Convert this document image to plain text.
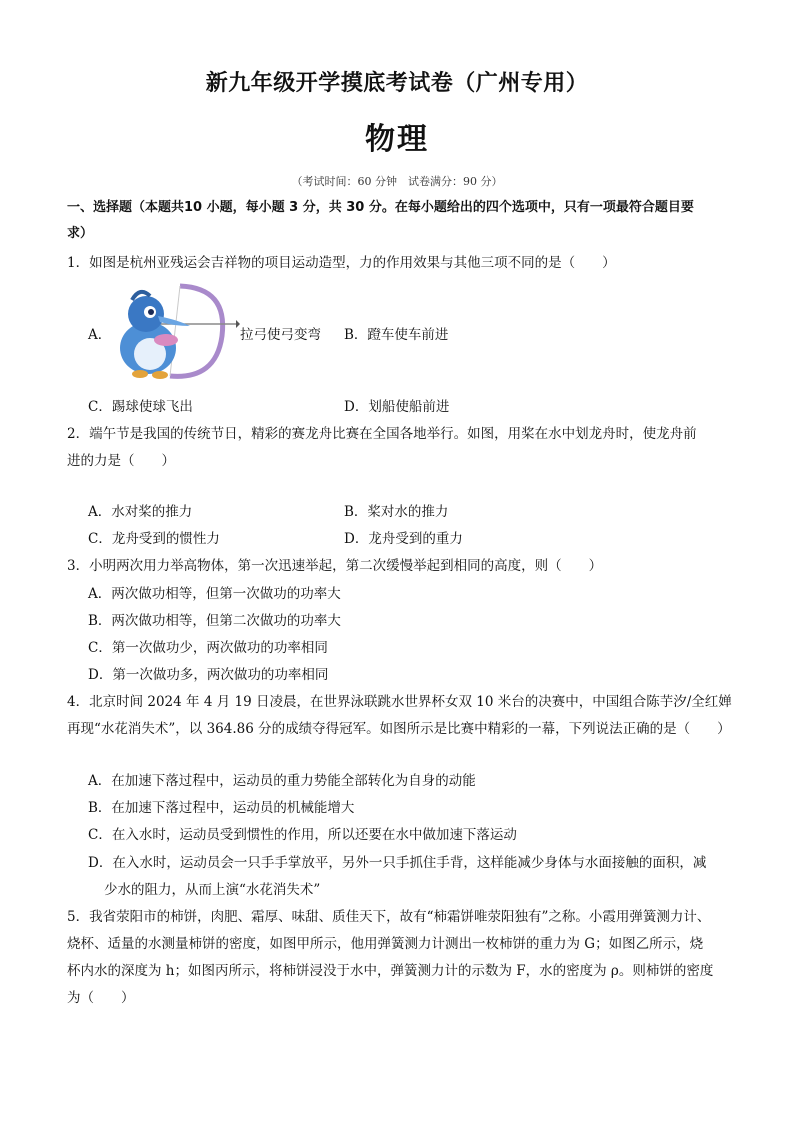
新九年级开学摸底考试卷（广州专用）
物理
（考试时间：60 分钟　试卷满分：90 分）
一、选择题（本题共10 小题，每小题 3 分，共 30 分。在每小题给出的四个选项中，只有一项最符合题目要
求）
1．如图是杭州亚残运会吉祥物的项目运动造型，力的作用效果与其他三项不同的是（　　）
A．	拉弓使弓变弯 B．蹬车使车前进
C．踢球使球飞出	D．划船使船前进
2．端午节是我国的传统节日，精彩的赛龙舟比赛在全国各地举行。如图，用桨在水中划龙舟时，使龙舟前
进的力是（　　）
A．水对桨的推力	B．桨对水的推力
C．龙舟受到的惯性力	D．龙舟受到的重力
3．小明两次用力举高物体，第一次迅速举起，第二次缓慢举起到相同的高度，则（　　）
A．两次做功相等，但第一次做功的功率大
B．两次做功相等，但第二次做功的功率大
C．第一次做功少，两次做功的功率相同
D．第一次做功多，两次做功的功率相同
4．北京时间 2024 年 4 月 19 日凌晨，在世界泳联跳水世界杯女双 10 米台的决赛中，中国组合陈芋汐/全红婵
再现“水花消失术”，以 364.86 分的成绩夺得冠军。如图所示是比赛中精彩的一幕，下列说法正确的是（　　）
A．在加速下落过程中，运动员的重力势能全部转化为自身的动能
B．在加速下落过程中，运动员的机械能增大
C．在入水时，运动员受到惯性的作用，所以还要在水中做加速下落运动
D．在入水时，运动员会一只手手掌放平，另外一只手抓住手背，这样能减少身体与水面接触的面积，减
少水的阻力，从而上演“水花消失术”
5．我省荥阳市的柿饼，肉肥、霜厚、味甜、质佳天下，故有“柿霜饼唯荥阳独有”之称。小霞用弹簧测力计、
烧杯、适量的水测量柿饼的密度，如图甲所示，他用弹簧测力计测出一枚柿饼的重力为 G；如图乙所示，烧
杯内水的深度为 h；如图丙所示，将柿饼浸没于水中，弹簧测力计的示数为 F，水的密度为 ρ。则柿饼的密度
为（　　）
